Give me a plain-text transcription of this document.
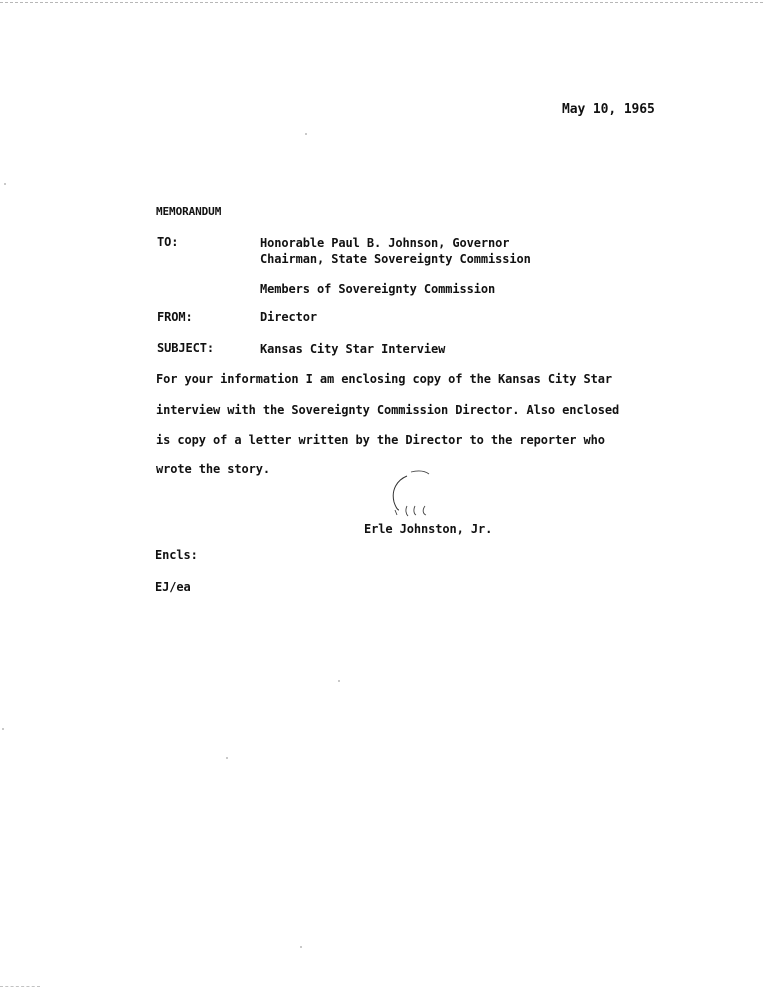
May 10, 1965
MEMORANDUM
TO:	Honorable Paul B. Johnson, Governor
Chairman, State Sovereignty Commission
Members of Sovereignty Commission
FROM:	Director
SUBJECT:	Kansas City Star Interview
For your information I am enclosing copy of the Kansas City Star
interview with the Sovereignty Commission Director. Also enclosed
is copy of a letter written by the Director to the reporter who
wrote the story.
Erle Johnston, Jr.
Encls:
EJ/ea
